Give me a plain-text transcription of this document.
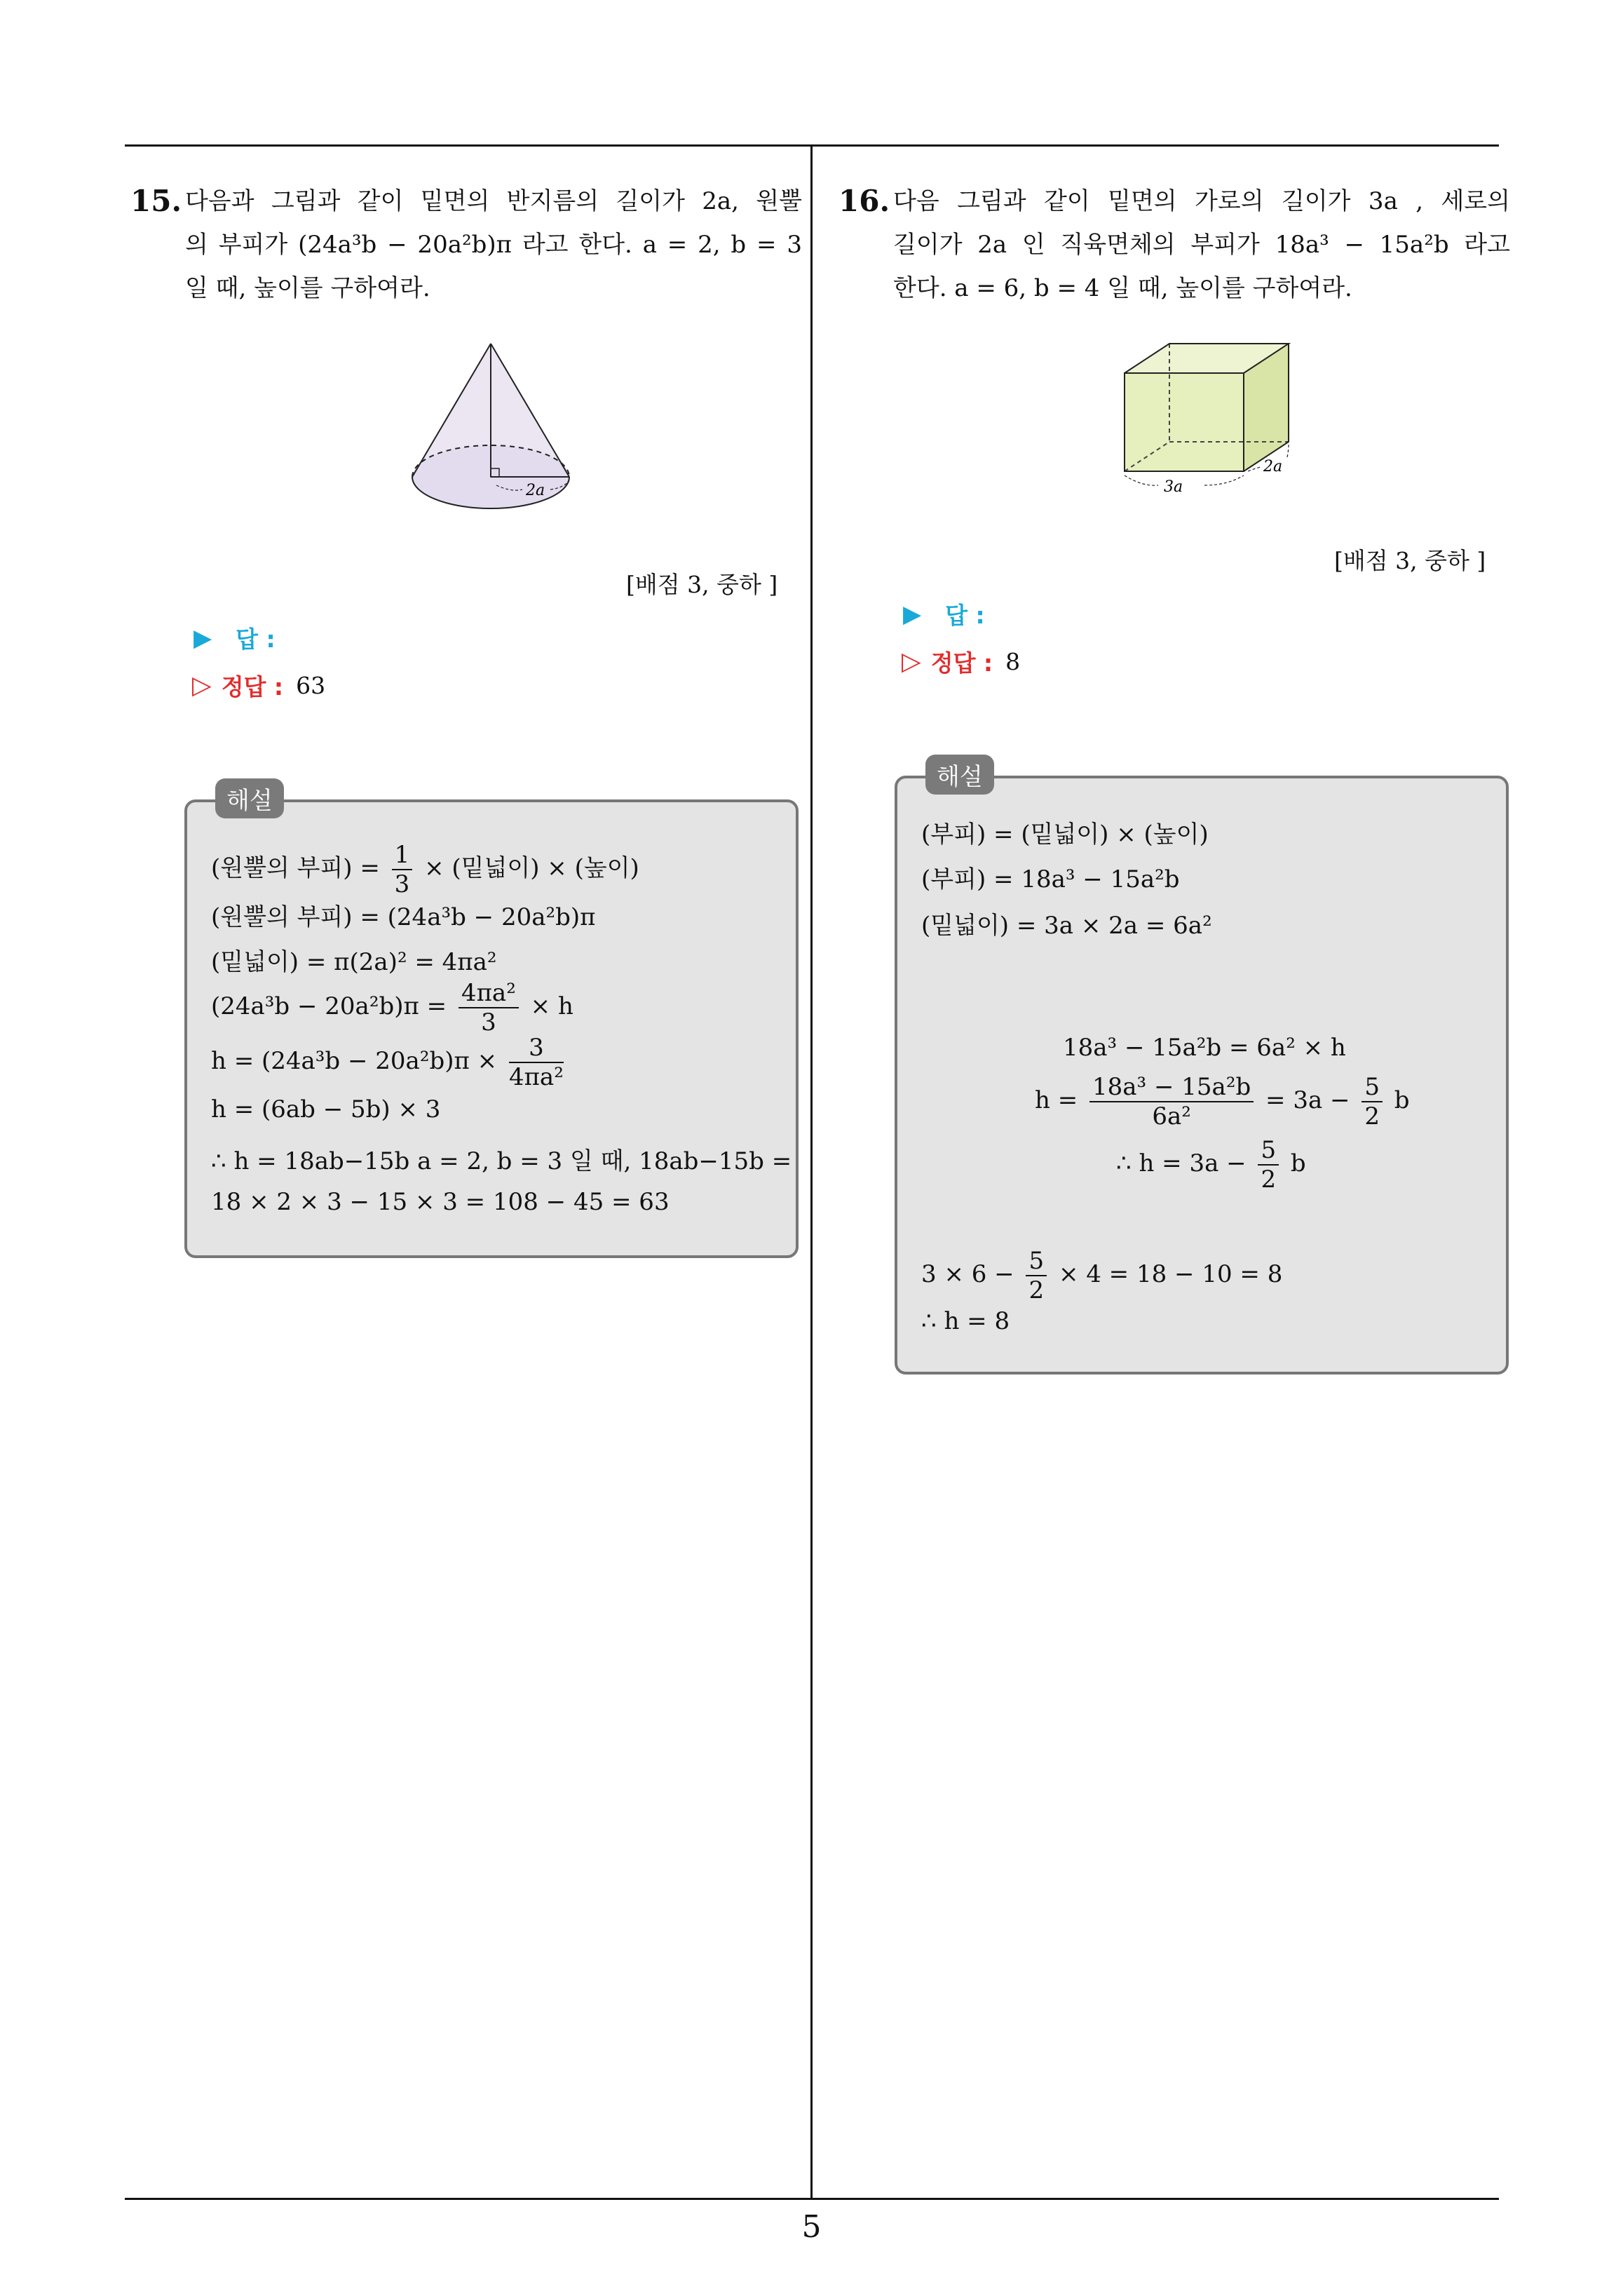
5
15. 다음과 그림과 같이 밑면의 반지름의 길이가 2a, 원뿔
의 부피가 (24a³b − 20a²b)π 라고 한다. a = 2, b = 3
일 때, 높이를 구하여라.
2a
[배점 3, 중하 ]
▶ 답 :
▷ 정답 : 63
해설
(원뿔의 부피) = $\frac{1}{3}$ × (밑넓이) × (높이)
(원뿔의 부피) = (24a³b − 20a²b)π
(밑넓이) = π(2a)² = 4πa²
$(24a^3b - 20a^2b)\pi = \frac{\text{4πa²}}{3} \times h$
$h = (24a^3b - 20a^2b)\pi \times \frac{3}{\text{4πa²}}$
h = (6ab − 5b) × 3
∴ h = 18ab−15b a = 2, b = 3 일 때, 18ab−15b =
18 × 2 × 3 − 15 × 3 = 108 − 45 = 63
16. 다음 그림과 같이 밑면의 가로의 길이가 3a , 세로의
길이가 2a 인 직육면체의 부피가 18a³ − 15a²b 라고
한다. a = 6, b = 4 일 때, 높이를 구하여라.
3a
2a
[배점 3, 중하 ]
▶ 답 :
▷ 정답 : 8
해설
(부피) = (밑넓이) × (높이)
(부피) = 18a³ − 15a²b
(밑넓이) = 3a × 2a = 6a²
18a³ − 15a²b = 6a² × h
$h = \frac{\text{18a³ − 15a²b}}{\text{6a²}} = 3a - \frac{5}{2}$ b
∴ $h = 3a - \frac{5}{2}$ b
$3 \times 6 - \frac{5}{2} \times 4 = 18 - 10 = 8$
∴ h = 8
